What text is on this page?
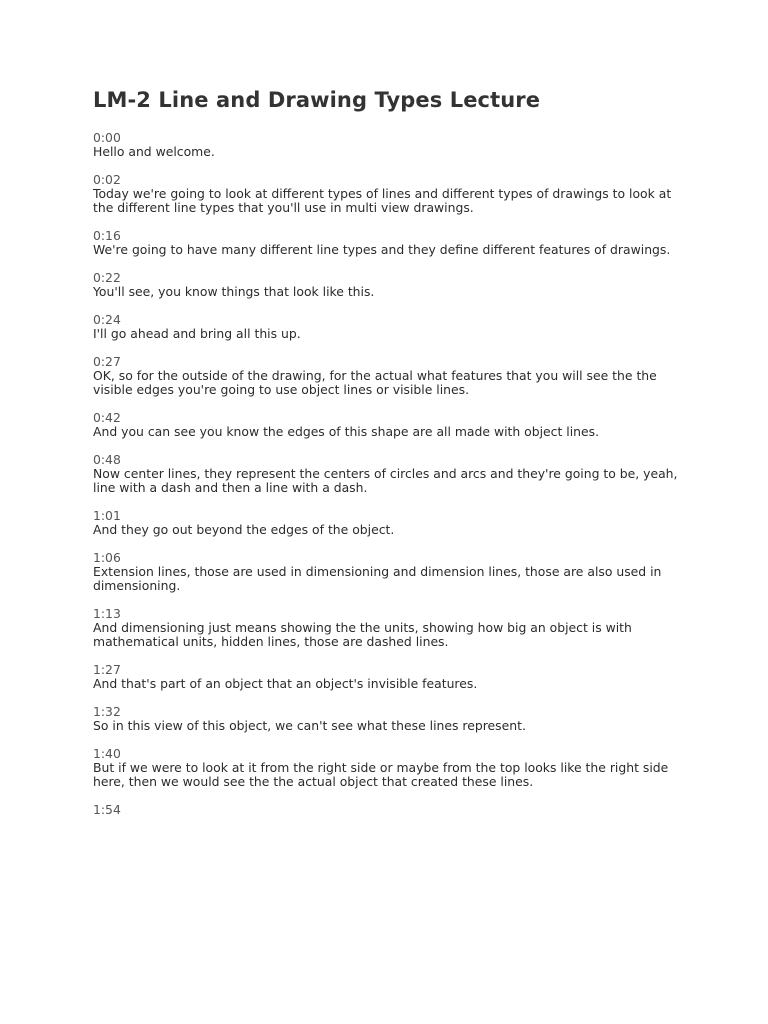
LM-2 Line and Drawing Types Lecture
0:00
Hello and welcome.
0:02
Today we're going to look at different types of lines and different types of drawings to look at the different line types that you'll use in multi view drawings.
0:16
We're going to have many different line types and they define different features of drawings.
0:22
You'll see, you know things that look like this.
0:24
I'll go ahead and bring all this up.
0:27
OK, so for the outside of the drawing, for the actual what features that you will see the the visible edges you're going to use object lines or visible lines.
0:42
And you can see you know the edges of this shape are all made with object lines.
0:48
Now center lines, they represent the centers of circles and arcs and they're going to be, yeah, line with a dash and then a line with a dash.
1:01
And they go out beyond the edges of the object.
1:06
Extension lines, those are used in dimensioning and dimension lines, those are also used in dimensioning.
1:13
And dimensioning just means showing the the units, showing how big an object is with mathematical units, hidden lines, those are dashed lines.
1:27
And that's part of an object that an object's invisible features.
1:32
So in this view of this object, we can't see what these lines represent.
1:40
But if we were to look at it from the right side or maybe from the top looks like the right side here, then we would see the the actual object that created these lines.
1:54
